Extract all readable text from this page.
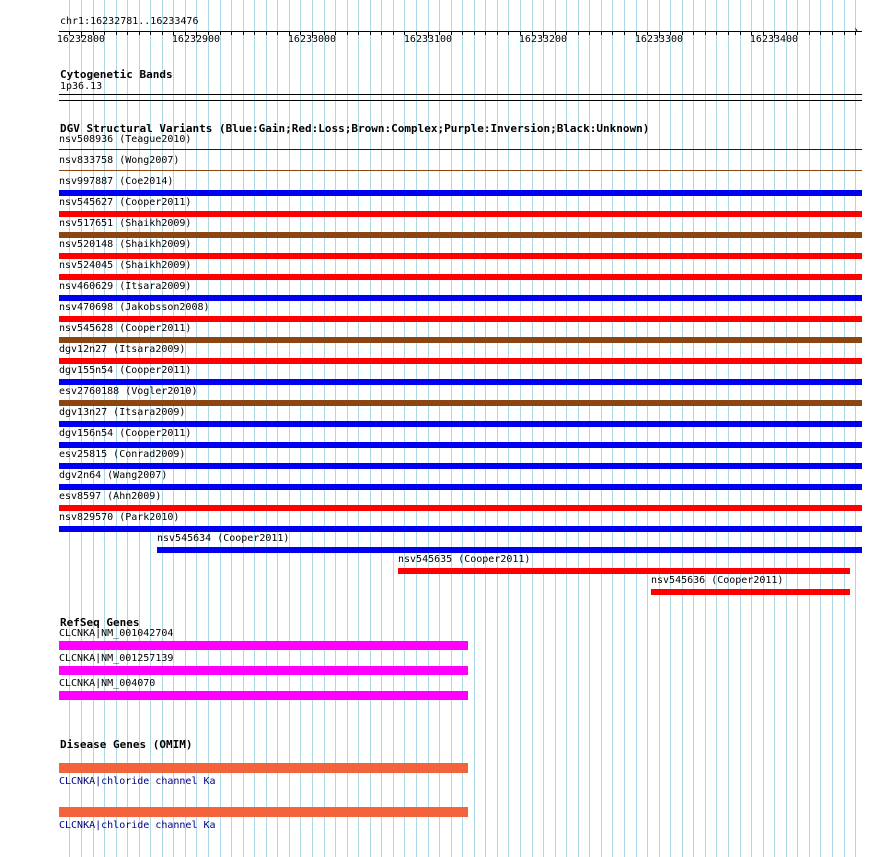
chr1:16232781..16233476
16232800	16232900	16233000	16233100	16233200	16233300	16233400
›
Cytogenetic Bands
1p36.13
DGV Structural Variants (Blue:Gain;Red:Loss;Brown:Complex;Purple:Inversion;Black:Unknown)
nsv508936 (Teague2010)
nsv833758 (Wong2007)
nsv997887 (Coe2014)
nsv545627 (Cooper2011)
nsv517651 (Shaikh2009)
nsv520148 (Shaikh2009)
nsv524045 (Shaikh2009)
nsv460629 (Itsara2009)
nsv470698 (Jakobsson2008)
nsv545628 (Cooper2011)
dgv12n27 (Itsara2009)
dgv155n54 (Cooper2011)
esv2760188 (Vogler2010)
dgv13n27 (Itsara2009)
dgv156n54 (Cooper2011)
esv25815 (Conrad2009)
dgv2n64 (Wang2007)
esv8597 (Ahn2009)
nsv829570 (Park2010)
nsv545634 (Cooper2011)
nsv545635 (Cooper2011)
nsv545636 (Cooper2011)
RefSeq Genes
CLCNKA|NM_001042704
CLCNKA|NM_001257139
CLCNKA|NM_004070
Disease Genes (OMIM)
CLCNKA|chloride channel Ka
CLCNKA|chloride channel Ka
